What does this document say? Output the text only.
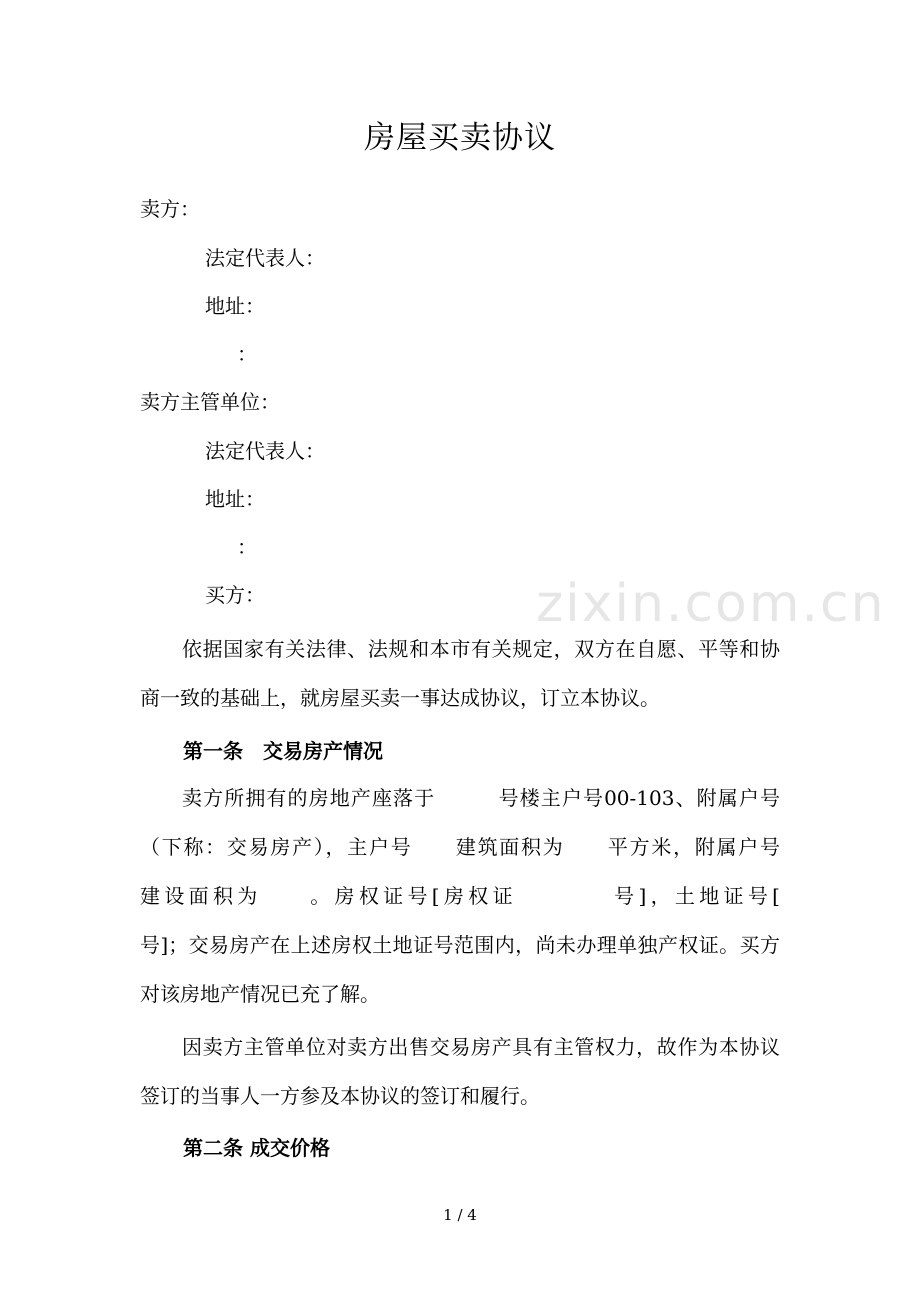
zixin.com.cn
房屋买卖协议
卖方：
法定代表人：
地址：
：
卖方主管单位：
法定代表人：
地址：
：
买方：

依据国家有关法律、法规和本市有关规定，双方在自愿、平等和协商一致的基础上，就房屋买卖一事达成协议，订立本协议。

第一条　交易房产情况

卖方所拥有的房地产座落于　　　号楼主户号00-103、附属户号（下称：交易房产），主户号　　建筑面积为　　平方米，附属户号　　建设面积为　　。房权证号[房权证　　　　号]，土地证号[　　　　号]；交易房产在上述房权土地证号范围内，尚未办理单独产权证。买方对该房地产情况已充了解。

因卖方主管单位对卖方出售交易房产具有主管权力，故作为本协议签订的当事人一方参及本协议的签订和履行。

第二条 成交价格
1 / 4
